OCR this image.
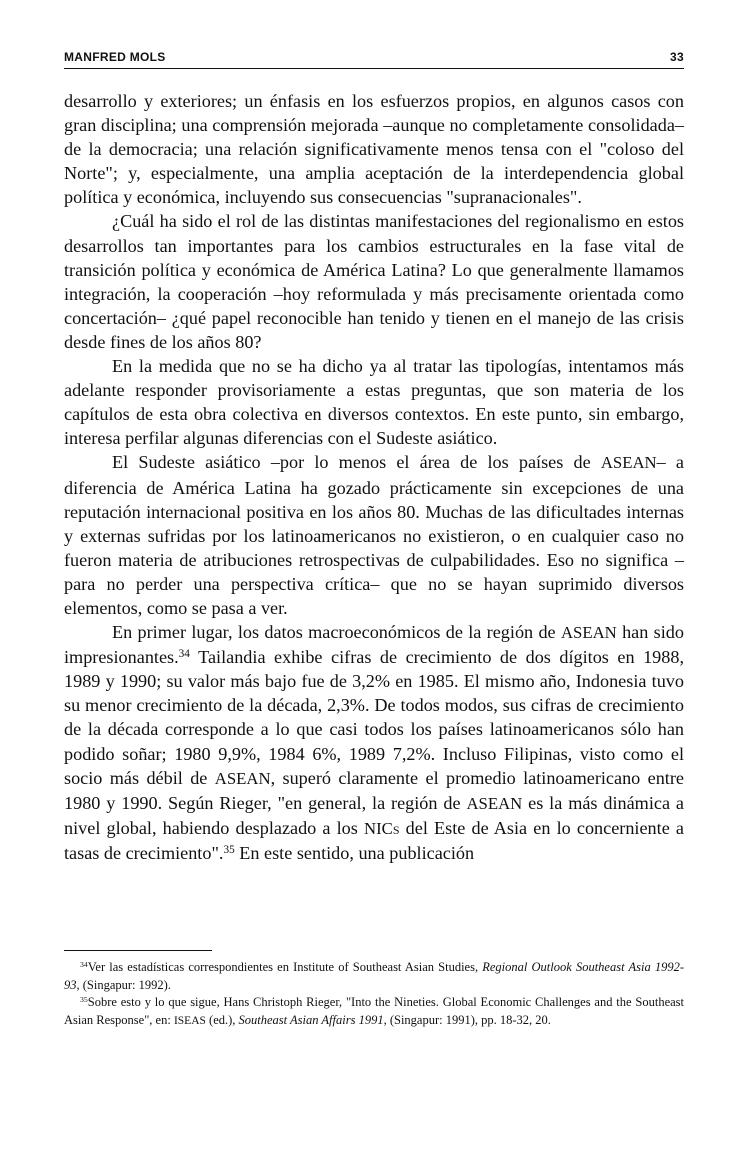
MANFRED MOLS	33

desarrollo y exteriores; un énfasis en los esfuerzos propios, en algunos casos con gran disciplina; una comprensión mejorada –aunque no completamente consolidada– de la democracia; una relación significativamente menos tensa con el "coloso del Norte"; y, especialmente, una amplia aceptación de la interdependencia global política y económica, incluyendo sus consecuencias "supranacionales".

¿Cuál ha sido el rol de las distintas manifestaciones del regionalismo en estos desarrollos tan importantes para los cambios estructurales en la fase vital de transición política y económica de América Latina? Lo que generalmente llamamos integración, la cooperación –hoy reformulada y más precisamente orientada como concertación– ¿qué papel reconocible han tenido y tienen en el manejo de las crisis desde fines de los años 80?

En la medida que no se ha dicho ya al tratar las tipologías, intentamos más adelante responder provisoriamente a estas preguntas, que son materia de los capítulos de esta obra colectiva en diversos contextos. En este punto, sin embargo, interesa perfilar algunas diferencias con el Sudeste asiático.

El Sudeste asiático –por lo menos el área de los países de ASEAN– a diferencia de América Latina ha gozado prácticamente sin excepciones de una reputación internacional positiva en los años 80. Muchas de las dificultades internas y externas sufridas por los latinoamericanos no existieron, o en cualquier caso no fueron materia de atribuciones retrospectivas de culpabilidades. Eso no significa –para no perder una perspectiva crítica– que no se hayan suprimido diversos elementos, como se pasa a ver.

En primer lugar, los datos macroeconómicos de la región de ASEAN han sido impresionantes.$^{34}$ Tailandia exhibe cifras de crecimiento de dos dígitos en 1988, 1989 y 1990; su valor más bajo fue de 3,2% en 1985. El mismo año, Indonesia tuvo su menor crecimiento de la década, 2,3%. De todos modos, sus cifras de crecimiento de la década corresponde a lo que casi todos los países latinoamericanos sólo han podido soñar; 1980 9,9%, 1984 6%, 1989 7,2%. Incluso Filipinas, visto como el socio más débil de ASEAN, superó claramente el promedio latinoamericano entre 1980 y 1990. Según Rieger, "en general, la región de ASEAN es la más dinámica a nivel global, habiendo desplazado a los NICs del Este de Asia en lo concerniente a tasas de crecimiento".$^{35}$ En este sentido, una publicación

$^{34}$Ver las estadísticas correspondientes en Institute of Southeast Asian Studies, Regional Outlook Southeast Asia 1992-93, (Singapur: 1992).

$^{35}$Sobre esto y lo que sigue, Hans Christoph Rieger, "Into the Nineties. Global Economic Challenges and the Southeast Asian Response", en: ISEAS (ed.), Southeast Asian Affairs 1991, (Singapur: 1991), pp. 18-32, 20.
